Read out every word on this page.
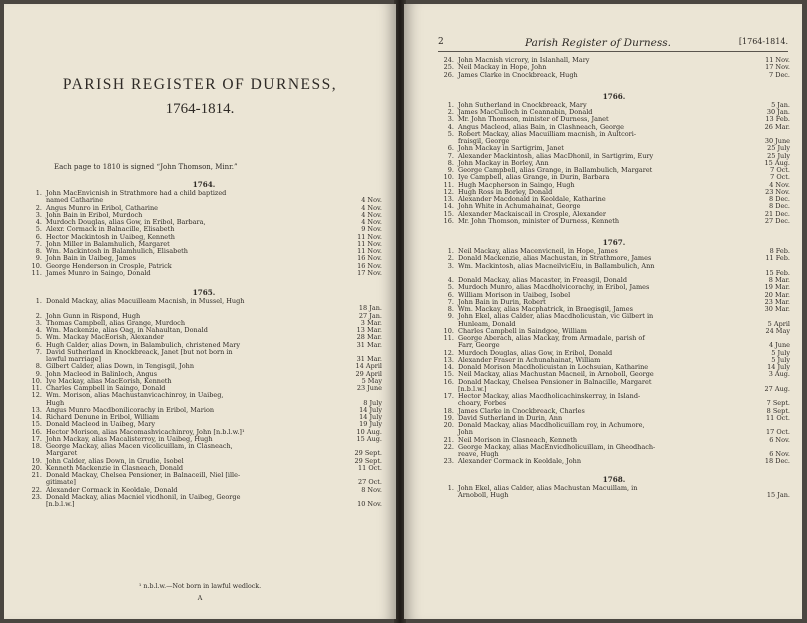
PARISH REGISTER OF DURNESS,
1764-1814.
Each page to 1810 is signed “John Thomson, Minr.”
1764.
1. John MacEnvicnish in Strathmore had a child baptized
named Catharine	4 Nov.
2. Angus Munro in Eribol, Catharine	4 Nov.
3. John Bain in Eribol, Murdoch	4 Nov.
4. Murdoch Douglas, alias Gow, in Eribol, Barbara,	4 Nov.
5. Alexr. Cormack in Balnacille, Elisabeth	9 Nov.
6. Hector Mackintosh in Uaibeg, Kenneth	11 Nov.
7. John Miller in Balamhulich, Margaret	11 Nov.
8. Wm. Mackintosh in Balamhulich, Elisabeth	11 Nov.
9. John Bain in Uaibeg, James	16 Nov.
10. George Henderson in Crosple, Patrick	16 Nov.
11. James Munro in Saingo, Donald	17 Nov.
1765.
1. Donald Mackay, alias Macuilleam Macnish, in Mussel, Hugh
18 Jan.
2. John Gunn in Rispond, Hugh	27 Jan.
3. Thomas Campbell, alias Grange, Murdoch	3 Mar.
4. Wm. Mackenzie, alias Oag, in Nahaultan, Donald	13 Mar.
5. Wm. Mackay MacEorish, Alexander	28 Mar.
6. Hugh Calder, alias Down, in Balambulich, christened Mary	31 Mar.
7. David Sutherland in Knockbreack, Janet [but not born in
lawful marriage]	31 Mar.
8. Gilbert Calder, alias Down, in Tengisgil, John	14 April
9. John Macleod in Balinloch, Angus	29 April
10. Iye Mackay, alias MacEorish, Kenneth	5 May
11. Charles Campbell in Saingo, Donald	23 June
12. Wm. Morison, alias Machustanvicachinroy, in Uaibeg,
Hugh	8 July
13. Angus Munro Macdbonilicorachy in Eribol, Marion	14 July
14. Richard Denune in Eribol, William	14 July
15. Donald Macleod in Uaibeg, Mary	19 July
16. Hector Morison, alias Macomashvicachinroy, John [n.b.l.w.]¹	10 Aug.
17. John Mackay, alias Macalisterroy, in Uaibeg, Hugh	15 Aug.
18. George Mackay, alias Macen vicolicuillam, in Clasneach,
Margaret	29 Sept.
19. John Calder, alias Down, in Grudie, Isobel	29 Sept.
20. Kenneth Mackenzie in Clasneach, Donald	11 Oct.
21. Donald Mackay, Chelsea Pensioner, in Balnaceill, Niel [ille-
gitimate]	27 Oct.
22. Alexander Cormack in Keoldale, Donald	8 Nov.
23. Donald Mackay, alias Macniel vicdhonil, in Uaibeg, George
[n.b.l.w.]	10 Nov.
¹ n.b.l.w.—Not born in lawful wedlock.
A
2	Parish Register of Durness.	[1764-1814.
24. John Macnish vicrory, in Islanhall, Mary	11 Nov.
25. Neil Mackay in Hope, John	17 Nov.
26. James Clarke in Cnockbreack, Hugh	7 Dec.
1766.
1. John Sutherland in Cnockbreack, Mary	5 Jan.
2. James MacCulloch in Ceannabin, Donald	30 Jan.
3. Mr. John Thomson, minister of Durness, Janet	13 Feb.
4. Angus Macleod, alias Bain, in Clashneach, George	26 Mar.
5. Robert Mackay, alias Macuilliam macnish, in Aultcori-
fraisgil, George	30 June
6. John Mackay in Sartigrim, Janet	25 July
7. Alexander Mackintosh, alias MacDhonil, in Sartigrim, Eury	25 July
8. John Mackay in Borley, Ann	15 Aug.
9. George Campbell, alias Grange, in Ballambulich, Margaret	7 Oct.
10. Iye Campbell, alias Grange, in Durin, Barbara	7 Oct.
11. Hugh Macpherson in Saingo, Hugh	4 Nov.
12. Hugh Ross in Borley, Donald	23 Nov.
13. Alexander Macdonald in Keoldale, Katharine	8 Dec.
14. John White in Achumahainat, George	8 Dec.
15. Alexander Mackaiscail in Crosple, Alexander	21 Dec.
16. Mr. John Thomson, minister of Durness, Kenneth	27 Dec.
1767.
1. Neil Mackay, alias Macenvicneil, in Hope, James	8 Feb.
2. Donald Mackenzie, alias Machustan, in Strathmore, James	11 Feb.
3. Wm. Mackintosh, alias MacneilvicEiu, in Ballambulich, Ann
15 Feb.
4. Donald Mackay, alias Macaster, in Freasgil, Donald	8 Mar.
5. Murdoch Munro, alias Macdholvicorachy, in Eribol, James	19 Mar.
6. William Morison in Uaibeg, Isobel	20 Mar.
7. John Bain in Durin, Robert	23 Mar.
8. Wm. Mackay, alias Macphatrick, in Braegisgil, James	30 Mar.
9. John Ekel, alias Calder, alias Macdholicustan, vic Gilbert in
Hunleam, Donald	5 April
10. Charles Campbell in Saindgoe, William	24 May
11. George Aberach, alias Mackay, from Armadale, parish of
Farr, George	4 June
12. Murdoch Douglas, alias Gow, in Eribol, Donald	5 July
13. Alexander Fraser in Achunahainat, William	5 July
14. Donald Morison Macdholicuistan in Lochsuian, Katharine	14 July
15. Neil Mackay, alias Machustan Macneil, in Arnoboll, George	3 Aug.
16. Donald Mackay, Chelsea Pensioner in Balnacille, Margaret
[n.b.l.w.]	27 Aug.
17. Hector Mackay, alias Macdholicachinskerray, in Island-
choary, Forbes	7 Sept.
18. James Clarke in Cnockbreack, Charles	8 Sept.
19. David Sutherland in Durin, Ann	11 Oct.
20. Donald Mackay, alias Macdholicuillam roy, in Achumore,
John	17 Oct.
21. Neil Morison in Clasneach, Kenneth	6 Nov.
22. George Mackay, alias MacEnvicdholicuillam, in Gheodhach-
reave, Hugh	6 Nov.
23. Alexander Cormack in Keoldale, John	18 Dec.
1768.
1. John Ekel, alias Calder, alias Machustan Macuillam, in
Arnoboll, Hugh	15 Jan.
